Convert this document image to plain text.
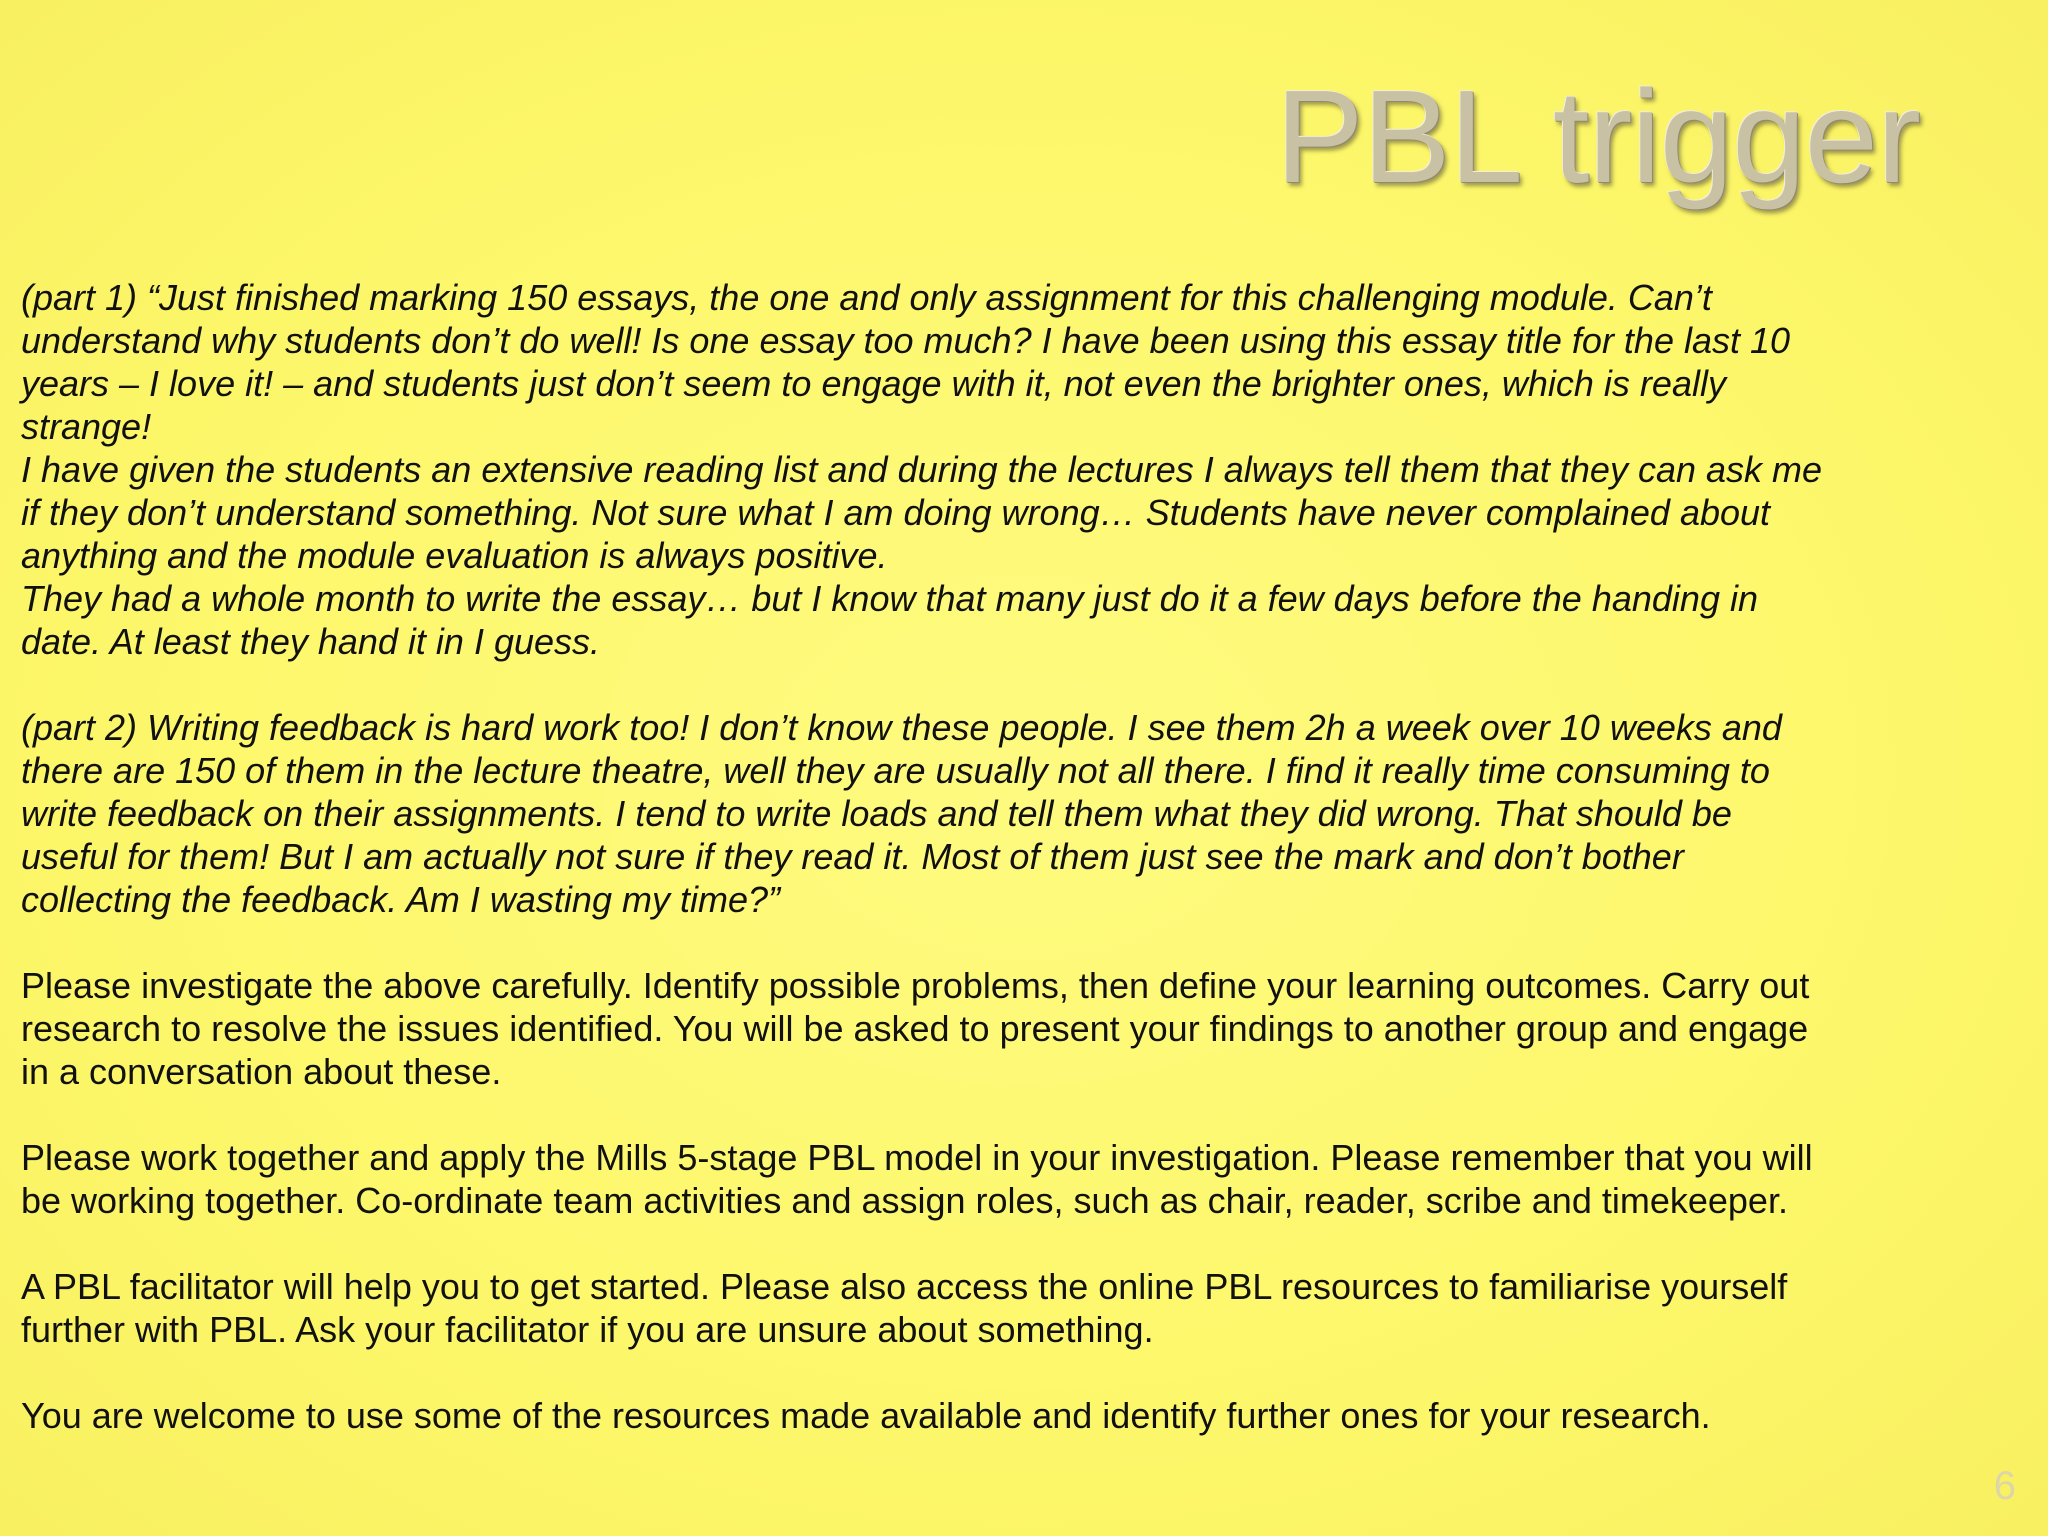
PBL trigger

(part 1) “Just finished marking 150 essays, the one and only assignment for this challenging module. Can’t
understand why students don’t do well! Is one essay too much? I have been using this essay title for the last 10
years – I love it! – and students just don’t seem to engage with it, not even the brighter ones, which is really
strange!
I have given the students an extensive reading list and during the lectures I always tell them that they can ask me
if they don’t understand something. Not sure what I am doing wrong… Students have never complained about
anything and the module evaluation is always positive.
They had a whole month to write the essay… but I know that many just do it a few days before the handing in
date. At least they hand it in I guess.

(part 2) Writing feedback is hard work too! I don’t know these people. I see them 2h a week over 10 weeks and
there are 150 of them in the lecture theatre, well they are usually not all there. I find it really time consuming to
write feedback on their assignments. I tend to write loads and tell them what they did wrong. That should be
useful for them! But I am actually not sure if they read it. Most of them just see the mark and don’t bother
collecting the feedback. Am I wasting my time?”

Please investigate the above carefully. Identify possible problems, then define your learning outcomes. Carry out
research to resolve the issues identified. You will be asked to present your findings to another group and engage
in a conversation about these.

Please work together and apply the Mills 5-stage PBL model in your investigation. Please remember that you will
be working together. Co-ordinate team activities and assign roles, such as chair, reader, scribe and timekeeper.

A PBL facilitator will help you to get started. Please also access the online PBL resources to familiarise yourself
further with PBL. Ask your facilitator if you are unsure about something.

You are welcome to use some of the resources made available and identify further ones for your research.

6
